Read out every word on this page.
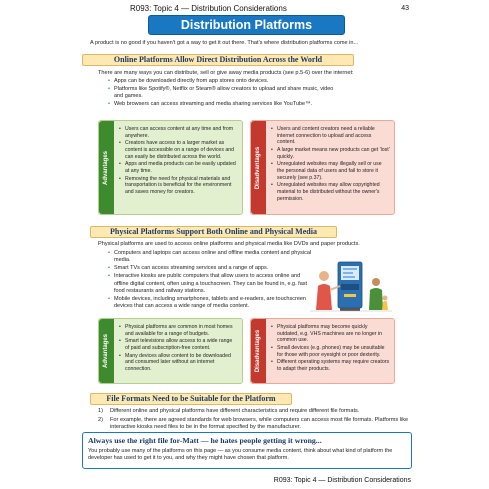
R093: Topic 4 — Distribution Considerations	43
Distribution Platforms
A product is no good if you haven't got a way to get it out there. That's where distribution platforms come in...
Online Platforms Allow Direct Distribution Across the World
There are many ways you can distribute, sell or give away media products (see p.5-6) over the internet:
• Apps can be downloaded directly from app stores onto devices.
• Platforms like Spotify®, Netflix or Steam® allow creators to upload and share music, video and games.
• Web browsers can access streaming and media sharing services like YouTube™.
Advantages
• Users can access content at any time and from anywhere.
• Creators have access to a larger market as content is accessible on a range of devices and can easily be distributed across the world.
• Apps and media products can be easily updated at any time.
• Removing the need for physical materials and transportation is beneficial for the environment and saves money for creators.
Disadvantages
• Users and content creators need a reliable internet connection to upload and access content.
• A large market means new products can get 'lost' quickly.
• Unregulated websites may illegally sell or use the personal data of users and fail to store it securely (see p.37).
• Unregulated websites may allow copyrighted material to be distributed without the owner's permission.
Physical Platforms Support Both Online and Physical Media
Physical platforms are used to access online platforms and physical media like DVDs and paper products.
• Computers and laptops can access online and offline media content and physical media.
• Smart TVs can access streaming services and a range of apps.
• Interactive kiosks are public computers that allow users to access online and offline digital content, often using a touchscreen. They can be found in, e.g. fast food restaurants and railway stations.
• Mobile devices, including smartphones, tablets and e-readers, are touchscreen devices that can access a wide range of media content.
Advantages
• Physical platforms are common in most homes and available for a range of budgets.
• Smart televisions allow access to a wide range of paid and subscription-free content.
• Many devices allow content to be downloaded and consumed later without an internet connection.	Disadvantages
• Physical platforms may become quickly outdated, e.g. VHS machines are no longer in common use.
• Small devices (e.g. phones) may be unsuitable for those with poor eyesight or poor dexterity.
• Different operating systems may require creators to adapt their products.
File Formats Need to be Suitable for the Platform
1) Different online and physical platforms have different characteristics and require different file formats.
2) For example, there are agreed standards for web browsers, while computers can access most file formats. Platforms like interactive kiosks need files to be in the format specified by the manufacturer.
Always use the right file for-Matt — he hates people getting it wrong...
You probably use many of the platforms on this page — as you consume media content, think about what kind of platform the developer has used to get it to you, and why they might have chosen that platform.
R093: Topic 4 — Distribution Considerations
